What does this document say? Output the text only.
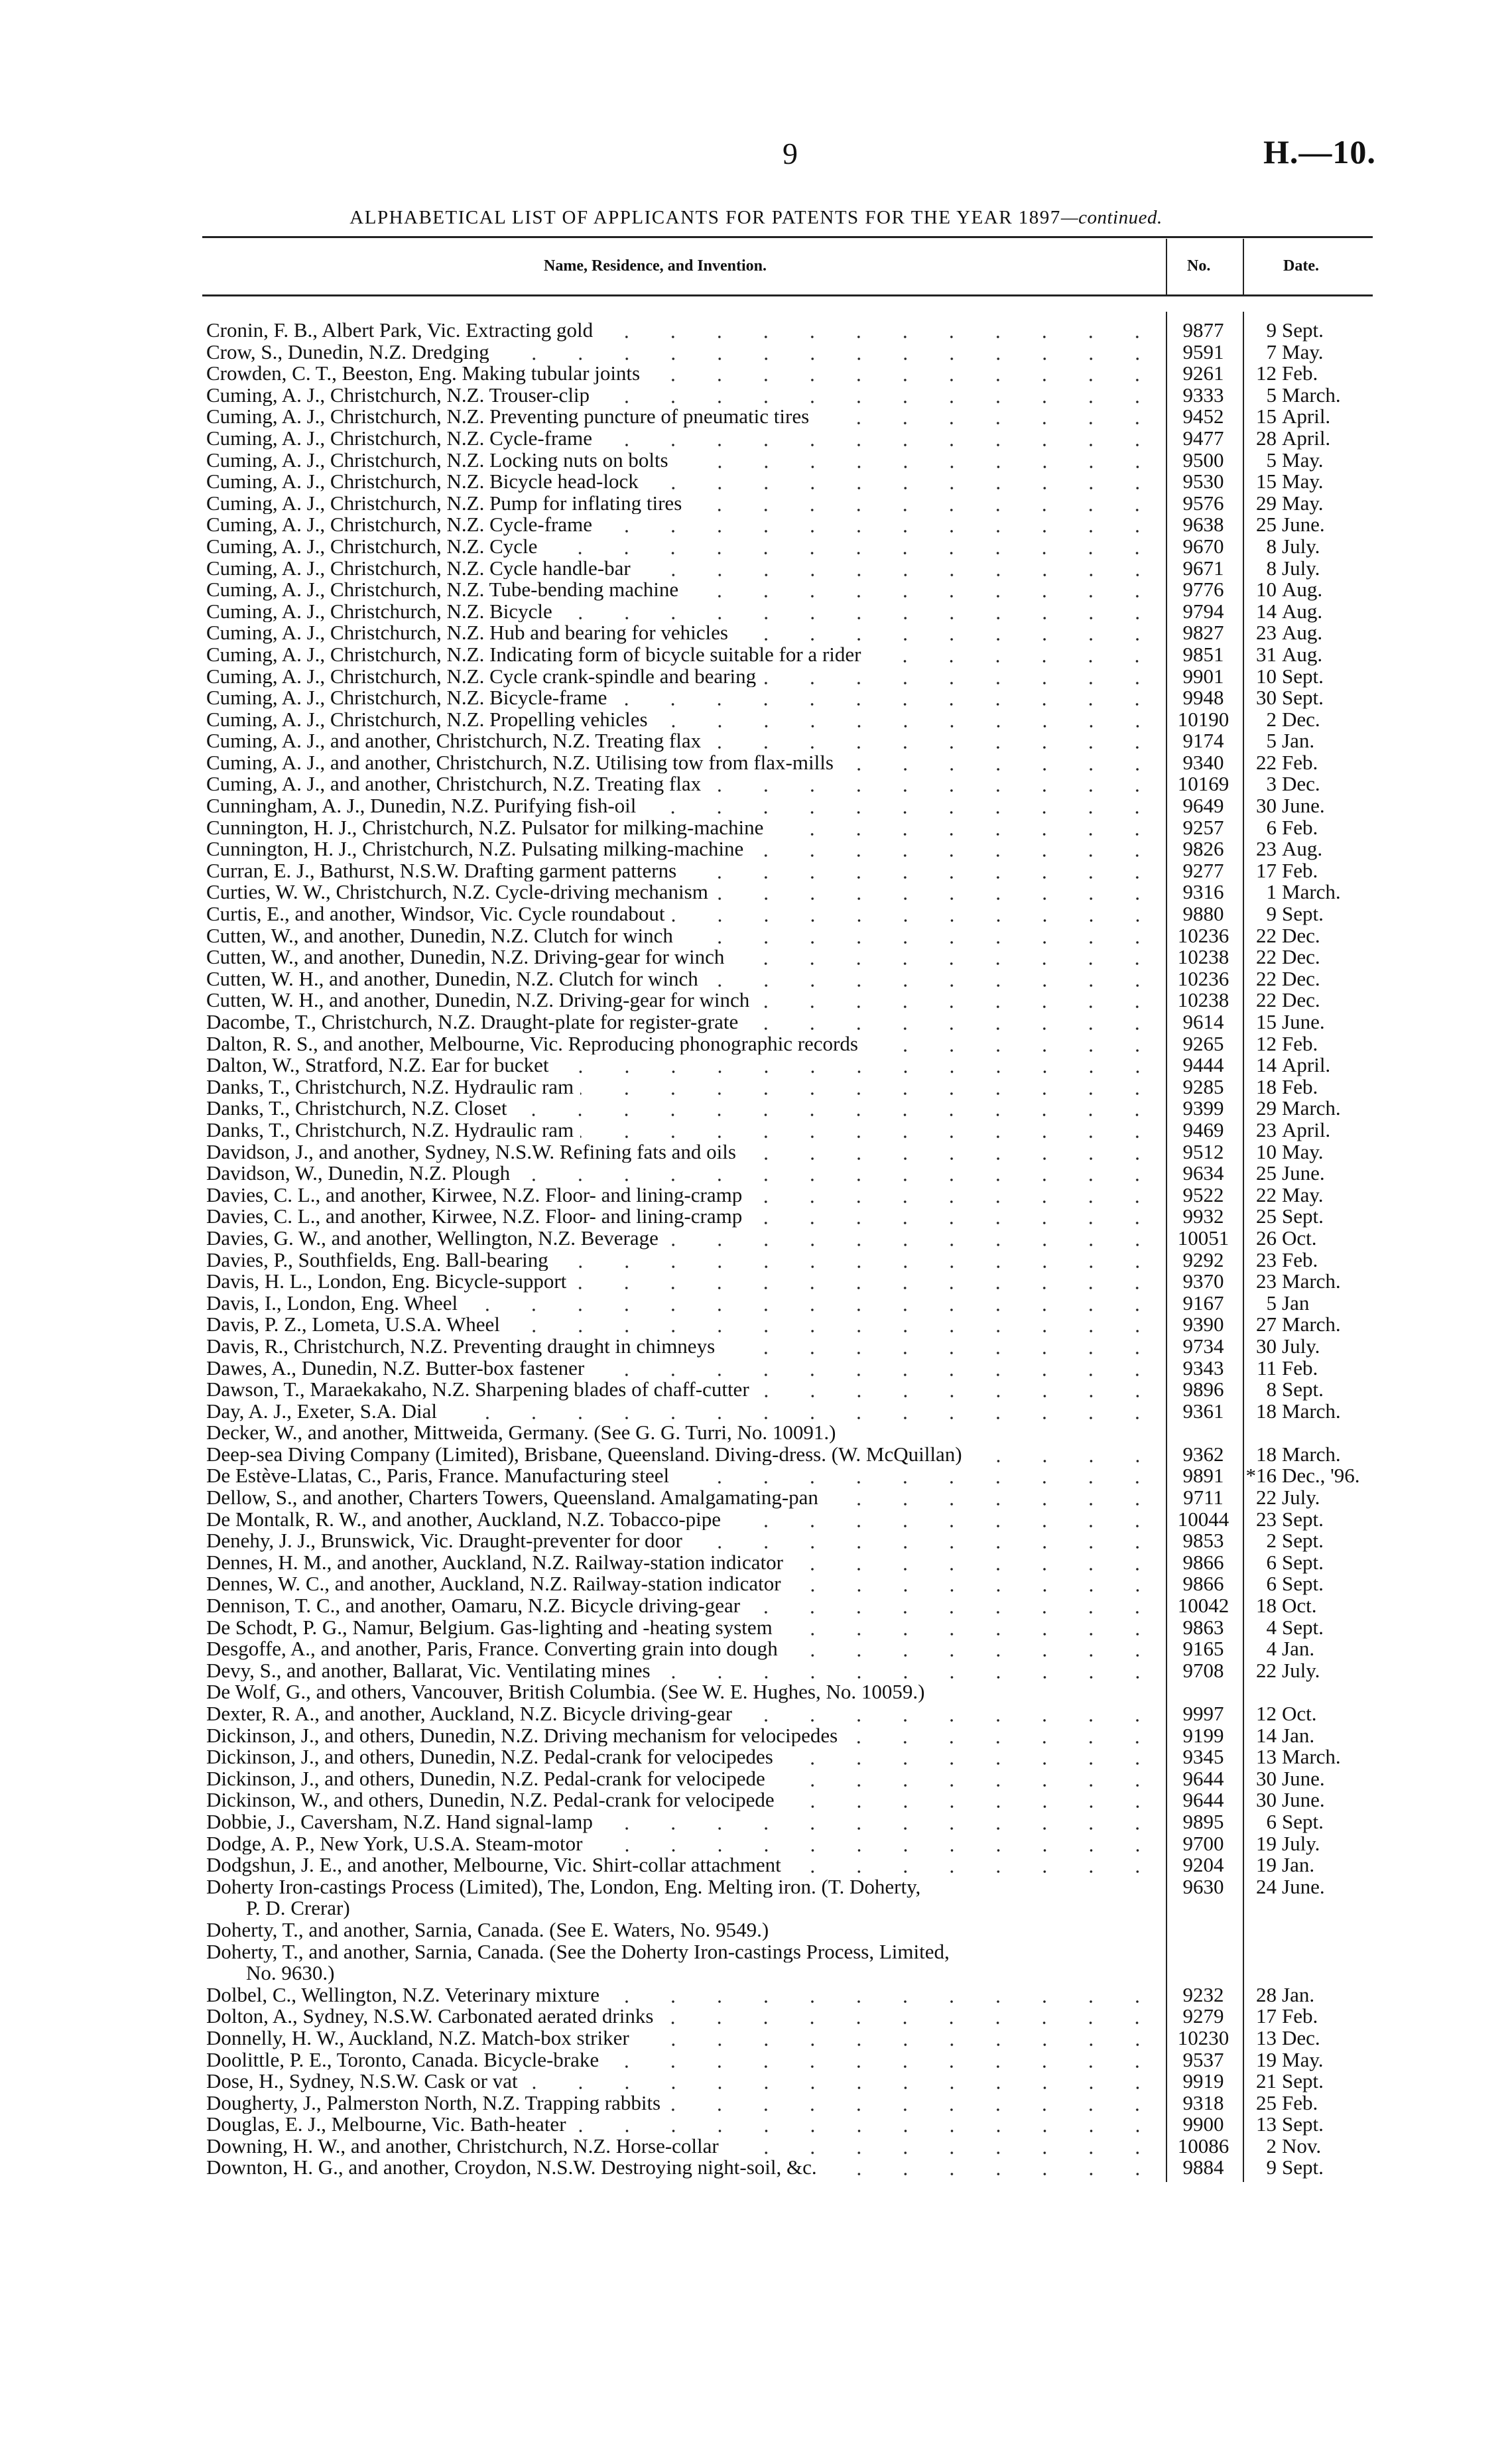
9	H.—10.
ALPHABETICAL LIST OF APPLICANTS FOR PATENTS FOR THE YEAR 1897—continued.
Name, Residence, and Invention.	No.	Date.
Cronin, F. B., Albert Park, Vic. Extracting gold	9877	9 Sept.
Crow, S., Dunedin, N.Z. Dredging	9591	7 May.
Crowden, C. T., Beeston, Eng. Making tubular joints	9261	12 Feb.
Cuming, A. J., Christchurch, N.Z. Trouser-clip	9333	5 March.
Cuming, A. J., Christchurch, N.Z. Preventing puncture of pneumatic tires	9452	15 April.
Cuming, A. J., Christchurch, N.Z. Cycle-frame	9477	28 April.
Cuming, A. J., Christchurch, N.Z. Locking nuts on bolts	9500	5 May.
Cuming, A. J., Christchurch, N.Z. Bicycle head-lock	9530	15 May.
Cuming, A. J., Christchurch, N.Z. Pump for inflating tires	9576	29 May.
Cuming, A. J., Christchurch, N.Z. Cycle-frame	9638	25 June.
Cuming, A. J., Christchurch, N.Z. Cycle	9670	8 July.
Cuming, A. J., Christchurch, N.Z. Cycle handle-bar	9671	8 July.
Cuming, A. J., Christchurch, N.Z. Tube-bending machine	9776	10 Aug.
Cuming, A. J., Christchurch, N.Z. Bicycle	9794	14 Aug.
Cuming, A. J., Christchurch, N.Z. Hub and bearing for vehicles	9827	23 Aug.
Cuming, A. J., Christchurch, N.Z. Indicating form of bicycle suitable for a rider	9851	31 Aug.
Cuming, A. J., Christchurch, N.Z. Cycle crank-spindle and bearing	9901	10 Sept.
Cuming, A. J., Christchurch, N.Z. Bicycle-frame	9948	30 Sept.
Cuming, A. J., Christchurch, N.Z. Propelling vehicles	10190	2 Dec.
Cuming, A. J., and another, Christchurch, N.Z. Treating flax	9174	5 Jan.
Cuming, A. J., and another, Christchurch, N.Z. Utilising tow from flax-mills	9340	22 Feb.
Cuming, A. J., and another, Christchurch, N.Z. Treating flax	10169	3 Dec.
Cunningham, A. J., Dunedin, N.Z. Purifying fish-oil	9649	30 June.
Cunnington, H. J., Christchurch, N.Z. Pulsator for milking-machine	9257	6 Feb.
Cunnington, H. J., Christchurch, N.Z. Pulsating milking-machine	9826	23 Aug.
Curran, E. J., Bathurst, N.S.W. Drafting garment patterns	9277	17 Feb.
Curties, W. W., Christchurch, N.Z. Cycle-driving mechanism	9316	1 March.
Curtis, E., and another, Windsor, Vic. Cycle roundabout	9880	9 Sept.
Cutten, W., and another, Dunedin, N.Z. Clutch for winch	10236	22 Dec.
Cutten, W., and another, Dunedin, N.Z. Driving-gear for winch	10238	22 Dec.
Cutten, W. H., and another, Dunedin, N.Z. Clutch for winch	10236	22 Dec.
Cutten, W. H., and another, Dunedin, N.Z. Driving-gear for winch	10238	22 Dec.
Dacombe, T., Christchurch, N.Z. Draught-plate for register-grate	9614	15 June.
Dalton, R. S., and another, Melbourne, Vic. Reproducing phonographic records	9265	12 Feb.
Dalton, W., Stratford, N.Z. Ear for bucket	9444	14 April.
Danks, T., Christchurch, N.Z. Hydraulic ram	9285	18 Feb.
Danks, T., Christchurch, N.Z. Closet	9399	29 March.
Danks, T., Christchurch, N.Z. Hydraulic ram	9469	23 April.
Davidson, J., and another, Sydney, N.S.W. Refining fats and oils	9512	10 May.
Davidson, W., Dunedin, N.Z. Plough	9634	25 June.
Davies, C. L., and another, Kirwee, N.Z. Floor- and lining-cramp	9522	22 May.
Davies, C. L., and another, Kirwee, N.Z. Floor- and lining-cramp	9932	25 Sept.
Davies, G. W., and another, Wellington, N.Z. Beverage	10051	26 Oct.
Davies, P., Southfields, Eng. Ball-bearing	9292	23 Feb.
Davis, H. L., London, Eng. Bicycle-support	9370	23 March.
Davis, I., London, Eng. Wheel	9167	5 Jan
Davis, P. Z., Lometa, U.S.A. Wheel	9390	27 March.
Davis, R., Christchurch, N.Z. Preventing draught in chimneys	9734	30 July.
Dawes, A., Dunedin, N.Z. Butter-box fastener	9343	11 Feb.
Dawson, T., Maraekakaho, N.Z. Sharpening blades of chaff-cutter	9896	8 Sept.
Day, A. J., Exeter, S.A. Dial	9361	18 March.
Decker, W., and another, Mittweida, Germany. (See G. G. Turri, No. 10091.)
Deep-sea Diving Company (Limited), Brisbane, Queensland. Diving-dress. (W. McQuillan)	9362	18 March.
De Estève-Llatas, C., Paris, France. Manufacturing steel	9891	*16 Dec., '96.
Dellow, S., and another, Charters Towers, Queensland. Amalgamating-pan	9711	22 July.
De Montalk, R. W., and another, Auckland, N.Z. Tobacco-pipe	10044	23 Sept.
Denehy, J. J., Brunswick, Vic. Draught-preventer for door	9853	2 Sept.
Dennes, H. M., and another, Auckland, N.Z. Railway-station indicator	9866	6 Sept.
Dennes, W. C., and another, Auckland, N.Z. Railway-station indicator	9866	6 Sept.
Dennison, T. C., and another, Oamaru, N.Z. Bicycle driving-gear	10042	18 Oct.
De Schodt, P. G., Namur, Belgium. Gas-lighting and -heating system	9863	4 Sept.
Desgoffe, A., and another, Paris, France. Converting grain into dough	9165	4 Jan.
Devy, S., and another, Ballarat, Vic. Ventilating mines	9708	22 July.
De Wolf, G., and others, Vancouver, British Columbia. (See W. E. Hughes, No. 10059.)
Dexter, R. A., and another, Auckland, N.Z. Bicycle driving-gear	9997	12 Oct.
Dickinson, J., and others, Dunedin, N.Z. Driving mechanism for velocipedes	9199	14 Jan.
Dickinson, J., and others, Dunedin, N.Z. Pedal-crank for velocipedes	9345	13 March.
Dickinson, J., and others, Dunedin, N.Z. Pedal-crank for velocipede	9644	30 June.
Dickinson, W., and others, Dunedin, N.Z. Pedal-crank for velocipede	9644	30 June.
Dobbie, J., Caversham, N.Z. Hand signal-lamp	9895	6 Sept.
Dodge, A. P., New York, U.S.A. Steam-motor	9700	19 July.
Dodgshun, J. E., and another, Melbourne, Vic. Shirt-collar attachment	9204	19 Jan.
Doherty Iron-castings Process (Limited), The, London, Eng. Melting iron. (T. Doherty,	9630	24 June.
P. D. Crerar)
Doherty, T., and another, Sarnia, Canada. (See E. Waters, No. 9549.)
Doherty, T., and another, Sarnia, Canada. (See the Doherty Iron-castings Process, Limited,
No. 9630.)
Dolbel, C., Wellington, N.Z. Veterinary mixture	9232	28 Jan.
Dolton, A., Sydney, N.S.W. Carbonated aerated drinks	9279	17 Feb.
Donnelly, H. W., Auckland, N.Z. Match-box striker	10230	13 Dec.
Doolittle, P. E., Toronto, Canada. Bicycle-brake	9537	19 May.
Dose, H., Sydney, N.S.W. Cask or vat	9919	21 Sept.
Dougherty, J., Palmerston North, N.Z. Trapping rabbits	9318	25 Feb.
Douglas, E. J., Melbourne, Vic. Bath-heater	9900	13 Sept.
Downing, H. W., and another, Christchurch, N.Z. Horse-collar	10086	2 Nov.
Downton, H. G., and another, Croydon, N.S.W. Destroying night-soil, &c.	9884	9 Sept.
